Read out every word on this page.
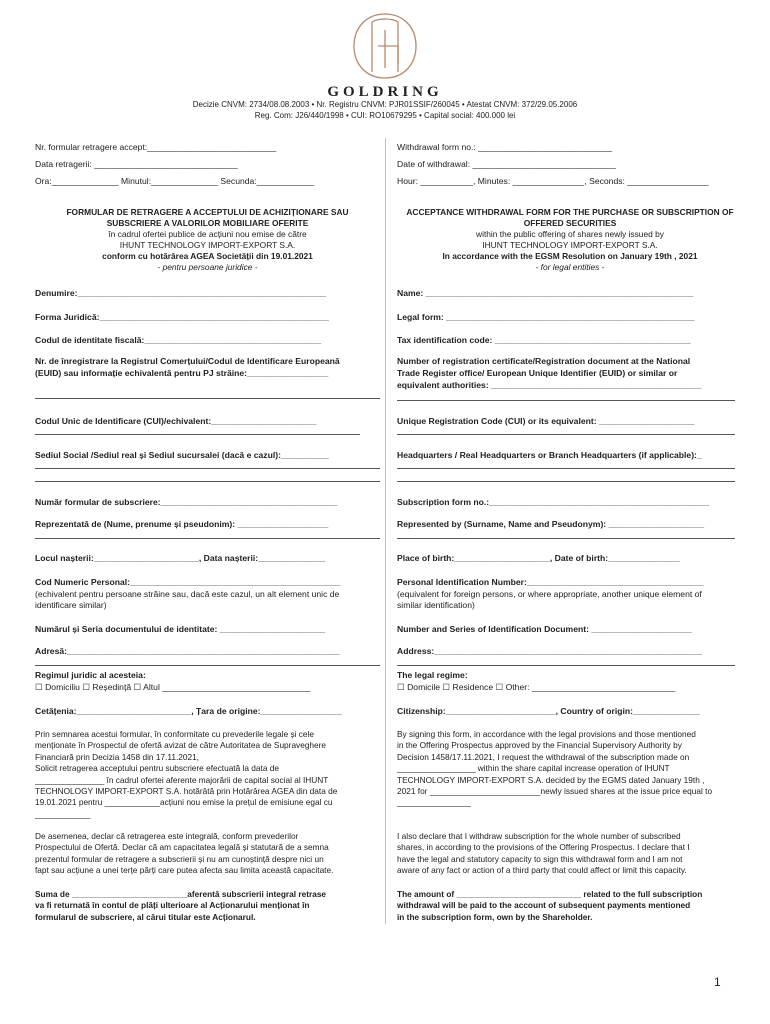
GOLDRING
Decizie CNVM: 2734/08.08.2003 • Nr. Registru CNVM: PJR01SSIF/260045 • Atestat CNVM: 372/29.05.2006
Reg. Com: J26/440/1998 • CUI: RO10679295 • Capital social: 400.000 lei
Nr. formular retragere accept:___________________________
Data retragerii: ______________________________
Ora:______________ Minutul:______________ Secunda:____________
Withdrawal form no.: ____________________________
Date of withdrawal: ______________________________
Hour: ___________, Minutes: _______________, Seconds: _________________
FORMULAR DE RETRAGERE A ACCEPTULUI DE ACHIZIȚIONARE SAU
SUBSCRIERE A VALORILOR MOBILIARE OFERITE
în cadrul ofertei publice de acțiuni nou emise de către
IHUNT TECHNOLOGY IMPORT-EXPORT S.A.
conform cu hotărârea AGEA Societății din 19.01.2021
- pentru persoane juridice -
ACCEPTANCE WITHDRAWAL FORM FOR THE PURCHASE OR SUBSCRIPTION OF
OFFERED SECURITIES
within the public offering of shares newly issued by
IHUNT TECHNOLOGY IMPORT-EXPORT S.A.
In accordance with the EGSM Resolution on January 19th , 2021
- for legal entities -
Denumire:____________________________________________________
Forma Juridică:________________________________________________
Codul de identitate fiscală:_____________________________________
Nr. de înregistrare la Registrul Comerțului/Codul de Identificare Europeană
(EUID) sau informație echivalentă pentru PJ străine:_________________
Codul Unic de Identificare (CUI)/echivalent:______________________
Sediul Social /Sediul real și Sediul sucursalei (dacă e cazul):__________
Număr formular de subscriere:_____________________________________
Reprezentată de (Nume, prenume și pseudonim): ___________________
Locul nașterii:______________________, Data nașterii:______________
Cod Numeric Personal:____________________________________________
(echivalent pentru persoane străine sau, dacă este cazul, un alt element unic de
identificare similar)
Numărul și Seria documentului de identitate: ______________________
Adresă:_________________________________________________________
Regimul juridic al acesteia:
☐ Domiciliu ☐ Reședință ☐ Altul _______________________________
Cetățenia:________________________, Țara de origine:_________________
Name: ________________________________________________________
Legal form: ____________________________________________________
Tax identification code: _________________________________________
Number of registration certificate/Registration document at the National
Trade Register office/ European Unique Identifier (EUID) or similar or
equivalent authorities: ____________________________________________
Unique Registration Code (CUI) or its equivalent: ____________________
Headquarters / Real Headquarters or Branch Headquarters (if applicable):_
Subscription form no.:______________________________________________
Represented by (Surname, Name and Pseudonym): ____________________
Place of birth:____________________, Date of birth:_______________
Personal Identification Number:_____________________________________
(equivalent for foreign persons, or where appropriate, another unique element of
similar identification)
Number and Series of Identification Document: _____________________
Address:________________________________________________________
The legal regime:
☐ Domicile ☐ Residence ☐ Other: ______________________________
Citizenship:_______________________, Country of origin:______________
Prin semnarea acestui formular, în conformitate cu prevederile legale și cele
menționate în Prospectul de ofertă avizat de către Autoritatea de Supraveghere
Financiară prin Decizia 1458 din 17.11.2021,
Solicit retragerea acceptului pentru subscriere efectuată la data de
_______________ în cadrul ofertei aferente majorării de capital social al IHUNT
TECHNOLOGY IMPORT-EXPORT S.A. hotărâtă prin Hotărârea AGEA din data de
19.01.2021 pentru ____________acțiuni nou emise la prețul de emisiune egal cu
____________
De asemenea, declar că retragerea este integrală, conform prevederilor
Prospectului de Ofertă. Declar că am capacitatea legală și statutară de a semna
prezentul formular de retragere a subscrierii și nu am cunoștință despre nici un
fapt sau acțiune a unei terțe părți care putea afecta sau limita această capacitate.
Suma de _________________________aferentă subscrierii integral retrase
va fi returnată în contul de plăți ulterioare al Acționarului menționat în
formularul de subscriere, al cărui titular este Acționarul.
By signing this form, in accordance with the legal provisions and those mentioned
in the Offering Prospectus approved by the Financial Supervisory Authority by
Decision 1458/17.11.2021, I request the withdrawal of the subscription made on
_________________ within the share capital increase operation of IHUNT
TECHNOLOGY IMPORT-EXPORT S.A. decided by the EGMS dated January 19th ,
2021 for ________________________newly issued shares at the issue price equal to
________________
I also declare that I withdraw subscription for the whole number of subscribed
shares, in according to the provisions of the Offering Prospectus. I declare that I
have the legal and statutory capacity to sign this withdrawal form and I am not
aware of any fact or action of a third party that could affect or limit this capacity.
The amount of ___________________________ related to the full subscription
withdrawal will be paid to the account of subsequent payments mentioned
in the subscription form, own by the Shareholder.
1
